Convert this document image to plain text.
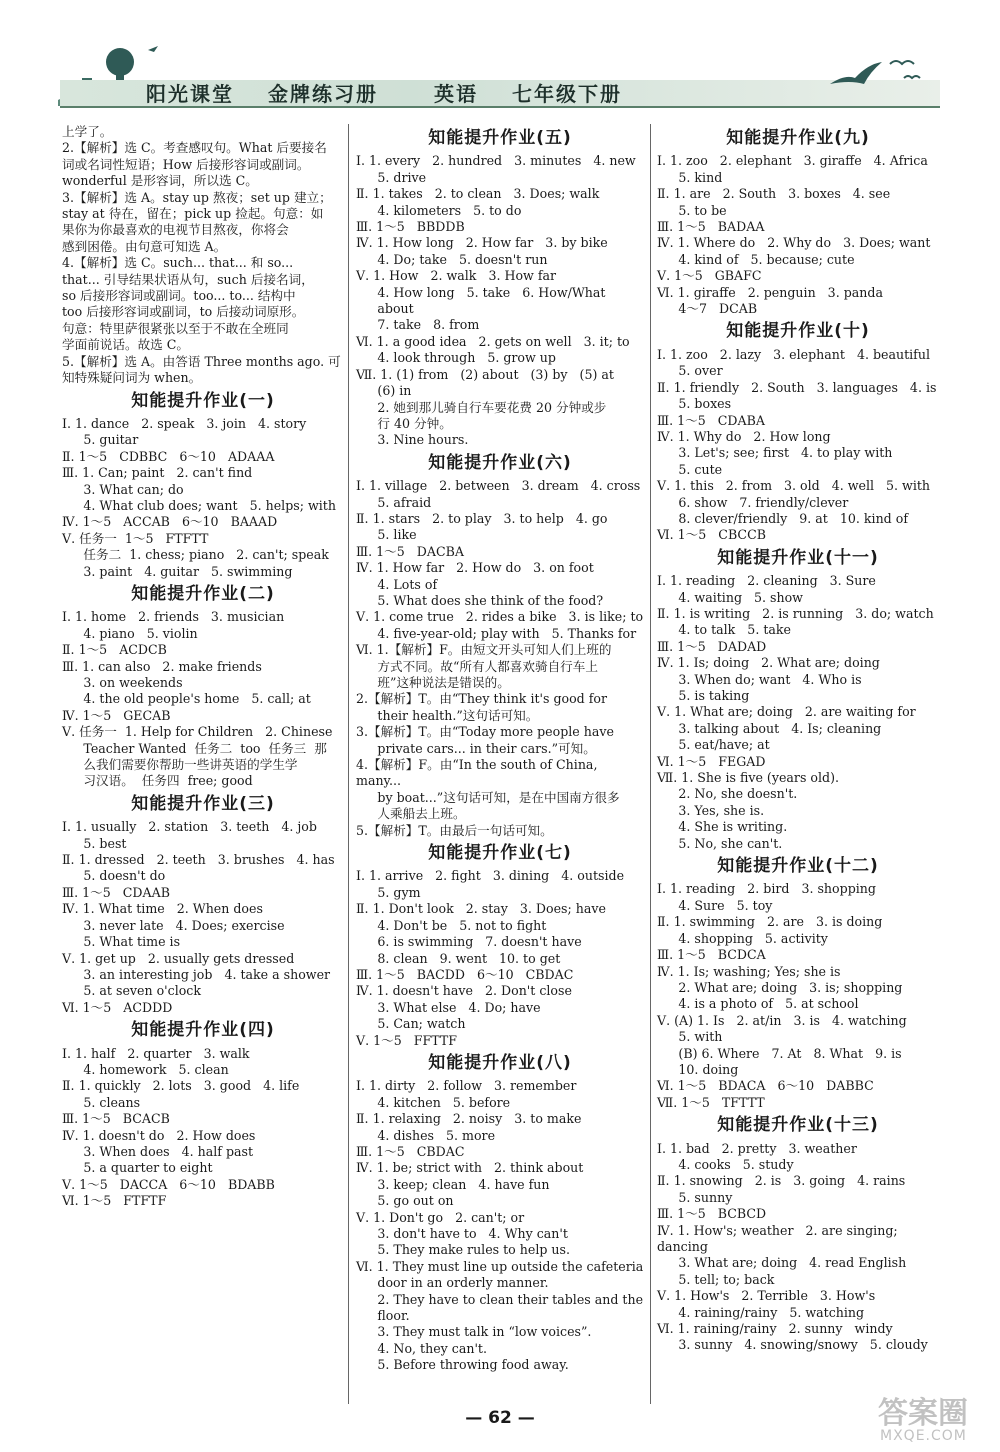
阳光课堂 金牌练习册	英语 七年级下册
上学了。
2.【解析】选 C。考查感叹句。What 后要接名
词或名词性短语；How 后接形容词或副词。
wonderful 是形容词，所以选 C。
3.【解析】选 A。stay up 熬夜；set up 建立；
stay at 待在，留在；pick up 捡起。句意：如
果你为你最喜欢的电视节目熬夜，你将会
感到困倦。由句意可知选 A。
4.【解析】选 C。such... that... 和 so...
that... 引导结果状语从句，such 后接名词，
so 后接形容词或副词。too... to... 结构中
too 后接形容词或副词，to 后接动词原形。
句意：特里萨很紧张以至于不敢在全班同
学面前说话。故选 C。
5.【解析】选 A。由答语 Three months ago. 可
知特殊疑问词为 when。
知能提升作业(一)
Ⅰ. 1. dance   2. speak   3. join   4. story
5. guitar
Ⅱ. 1～5   CDBBC   6～10   ADAAA
Ⅲ. 1. Can; paint   2. can't find
3. What can; do
4. What club does; want   5. helps; with
Ⅳ. 1～5   ACCAB   6～10   BAAAD
Ⅴ. 任务一  1～5   FTFTT
任务二  1. chess; piano   2. can't; speak
3. paint   4. guitar   5. swimming
知能提升作业(二)
Ⅰ. 1. home   2. friends   3. musician
4. piano   5. violin
Ⅱ. 1～5   ACDCB
Ⅲ. 1. can also   2. make friends
3. on weekends
4. the old people's home   5. call; at
Ⅳ. 1～5   GECAB
Ⅴ. 任务一  1. Help for Children   2. Chinese
Teacher Wanted  任务二  too  任务三  那
么我们需要你帮助一些讲英语的学生学
习汉语。  任务四  free; good
知能提升作业(三)
Ⅰ. 1. usually   2. station   3. teeth   4. job
5. best
Ⅱ. 1. dressed   2. teeth   3. brushes   4. has
5. doesn't do
Ⅲ. 1～5   CDAAB
Ⅳ. 1. What time   2. When does
3. never late   4. Does; exercise
5. What time is
Ⅴ. 1. get up   2. usually gets dressed
3. an interesting job   4. take a shower
5. at seven o'clock
Ⅵ. 1～5   ACDDD
知能提升作业(四)
Ⅰ. 1. half   2. quarter   3. walk
4. homework   5. clean
Ⅱ. 1. quickly   2. lots   3. good   4. life
5. cleans
Ⅲ. 1～5   BCACB
Ⅳ. 1. doesn't do   2. How does
3. When does   4. half past
5. a quarter to eight
Ⅴ. 1～5   DACCA   6～10   BDABB
Ⅵ. 1～5   FTFTF
知能提升作业(五)
Ⅰ. 1. every   2. hundred   3. minutes   4. new
5. drive
Ⅱ. 1. takes   2. to clean   3. Does; walk
4. kilometers   5. to do
Ⅲ. 1～5   BBDDB
Ⅳ. 1. How long   2. How far   3. by bike
4. Do; take   5. doesn't run
Ⅴ. 1. How   2. walk   3. How far
4. How long   5. take   6. How/What about
7. take   8. from
Ⅵ. 1. a good idea   2. gets on well   3. it; to
4. look through   5. grow up
Ⅶ. 1. (1) from   (2) about   (3) by   (5) at
(6) in
2. 她到那儿骑自行车要花费 20 分钟或步
行 40 分钟。
3. Nine hours.
知能提升作业(六)
Ⅰ. 1. village   2. between   3. dream   4. cross
5. afraid
Ⅱ. 1. stars   2. to play   3. to help   4. go
5. like
Ⅲ. 1～5   DACBA
Ⅳ. 1. How far   2. How do   3. on foot
4. Lots of
5. What does she think of the food?
Ⅴ. 1. come true   2. rides a bike   3. is like; to
4. five-year-old; play with   5. Thanks for
Ⅵ. 1.【解析】F。由短文开头可知人们上班的
方式不同。故“所有人都喜欢骑自行车上
班”这种说法是错误的。
2.【解析】T。由“They think it's good for
their health.”这句话可知。
3.【解析】T。由“Today more people have
private cars... in their cars.”可知。
4.【解析】F。由“In the south of China, many...
by boat...”这句话可知，是在中国南方很多
人乘船去上班。
5.【解析】T。由最后一句话可知。
知能提升作业(七)
Ⅰ. 1. arrive   2. fight   3. dining   4. outside
5. gym
Ⅱ. 1. Don't look   2. stay   3. Does; have
4. Don't be   5. not to fight
6. is swimming   7. doesn't have
8. clean   9. went   10. to get
Ⅲ. 1～5   BACDD   6～10   CBDAC
Ⅳ. 1. doesn't have   2. Don't close
3. What else   4. Do; have
5. Can; watch
Ⅴ. 1～5   FFTTF
知能提升作业(八)
Ⅰ. 1. dirty   2. follow   3. remember
4. kitchen   5. before
Ⅱ. 1. relaxing   2. noisy   3. to make
4. dishes   5. more
Ⅲ. 1～5   CBDAC
Ⅳ. 1. be; strict with   2. think about
3. keep; clean   4. have fun
5. go out on
Ⅴ. 1. Don't go   2. can't; or
3. don't have to   4. Why can't
5. They make rules to help us.
Ⅵ. 1. They must line up outside the cafeteria
door in an orderly manner.
2. They have to clean their tables and the
floor.
3. They must talk in “low voices”.
4. No, they can't.
5. Before throwing food away.
知能提升作业(九)
Ⅰ. 1. zoo   2. elephant   3. giraffe   4. Africa
5. kind
Ⅱ. 1. are   2. South   3. boxes   4. see
5. to be
Ⅲ. 1～5   BADAA
Ⅳ. 1. Where do   2. Why do   3. Does; want
4. kind of   5. because; cute
Ⅴ. 1～5   GBAFC
Ⅵ. 1. giraffe   2. penguin   3. panda
4～7   DCAB
知能提升作业(十)
Ⅰ. 1. zoo   2. lazy   3. elephant   4. beautiful
5. over
Ⅱ. 1. friendly   2. South   3. languages   4. is
5. boxes
Ⅲ. 1～5   CDABA
Ⅳ. 1. Why do   2. How long
3. Let's; see; first   4. to play with
5. cute
Ⅴ. 1. this   2. from   3. old   4. well   5. with
6. show   7. friendly/clever
8. clever/friendly   9. at   10. kind of
Ⅵ. 1～5   CBCCB
知能提升作业(十一)
Ⅰ. 1. reading   2. cleaning   3. Sure
4. waiting   5. show
Ⅱ. 1. is writing   2. is running   3. do; watch
4. to talk   5. take
Ⅲ. 1～5   DADAD
Ⅳ. 1. Is; doing   2. What are; doing
3. When do; want   4. Who is
5. is taking
Ⅴ. 1. What are; doing   2. are waiting for
3. talking about   4. Is; cleaning
5. eat/have; at
Ⅵ. 1～5   FEGAD
Ⅶ. 1. She is five (years old).
2. No, she doesn't.
3. Yes, she is.
4. She is writing.
5. No, she can't.
知能提升作业(十二)
Ⅰ. 1. reading   2. bird   3. shopping
4. Sure   5. toy
Ⅱ. 1. swimming   2. are   3. is doing
4. shopping   5. activity
Ⅲ. 1～5   BCDCA
Ⅳ. 1. Is; washing; Yes; she is
2. What are; doing   3. is; shopping
4. is a photo of   5. at school
Ⅴ. (A) 1. Is   2. at/in   3. is   4. watching
5. with
(B) 6. Where   7. At   8. What   9. is
10. doing
Ⅵ. 1～5   BDACA   6～10   DABBC
Ⅶ. 1～5   TFTTT
知能提升作业(十三)
Ⅰ. 1. bad   2. pretty   3. weather
4. cooks   5. study
Ⅱ. 1. snowing   2. is   3. going   4. rains
5. sunny
Ⅲ. 1～5   BCBCD
Ⅳ. 1. How's; weather   2. are singing; dancing
3. What are; doing   4. read English
5. tell; to; back
Ⅴ. 1. How's   2. Terrible   3. How's
4. raining/rainy   5. watching
Ⅵ. 1. raining/rainy   2. sunny   windy
3. sunny   4. snowing/snowy   5. cloudy
— 62 —	答案圈
MXQE.COM
